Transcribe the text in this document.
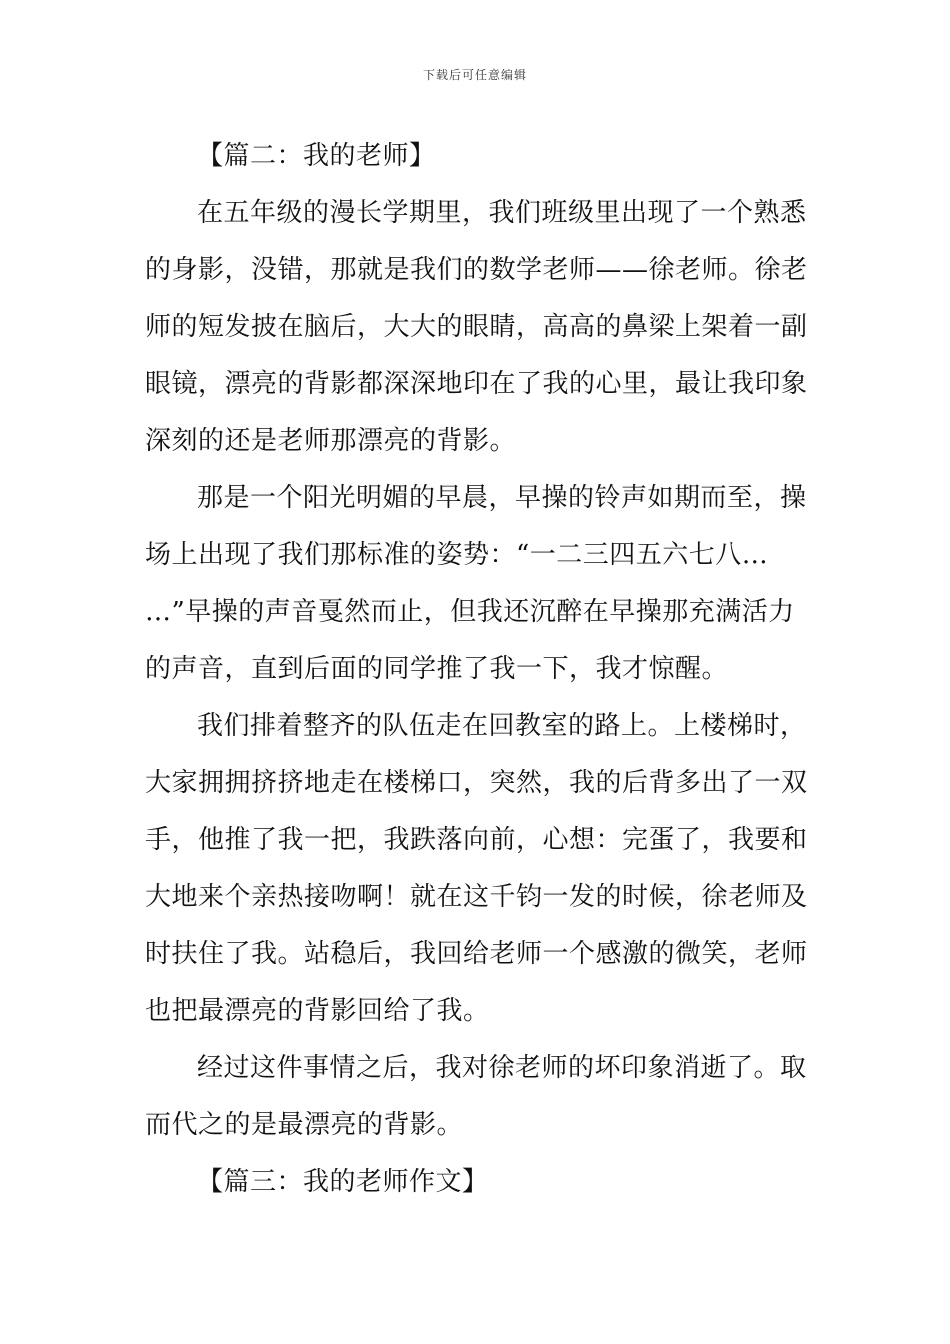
下载后可任意编辑
【篇二：我的老师】
在五年级的漫长学期里，我们班级里出现了一个熟悉
的身影，没错，那就是我们的数学老师——徐老师。徐老
师的短发披在脑后，大大的眼睛，高高的鼻梁上架着一副
眼镜，漂亮的背影都深深地印在了我的心里，最让我印象
深刻的还是老师那漂亮的背影。
那是一个阳光明媚的早晨，早操的铃声如期而至，操
场上出现了我们那标准的姿势：“一二三四五六七八…
…”早操的声音戛然而止，但我还沉醉在早操那充满活力
的声音，直到后面的同学推了我一下，我才惊醒。
我们排着整齐的队伍走在回教室的路上。上楼梯时，
大家拥拥挤挤地走在楼梯口，突然，我的后背多出了一双
手，他推了我一把，我跌落向前，心想：完蛋了，我要和
大地来个亲热接吻啊！就在这千钧一发的时候，徐老师及
时扶住了我。站稳后，我回给老师一个感激的微笑，老师
也把最漂亮的背影回给了我。
经过这件事情之后，我对徐老师的坏印象消逝了。取
而代之的是最漂亮的背影。
【篇三：我的老师作文】
